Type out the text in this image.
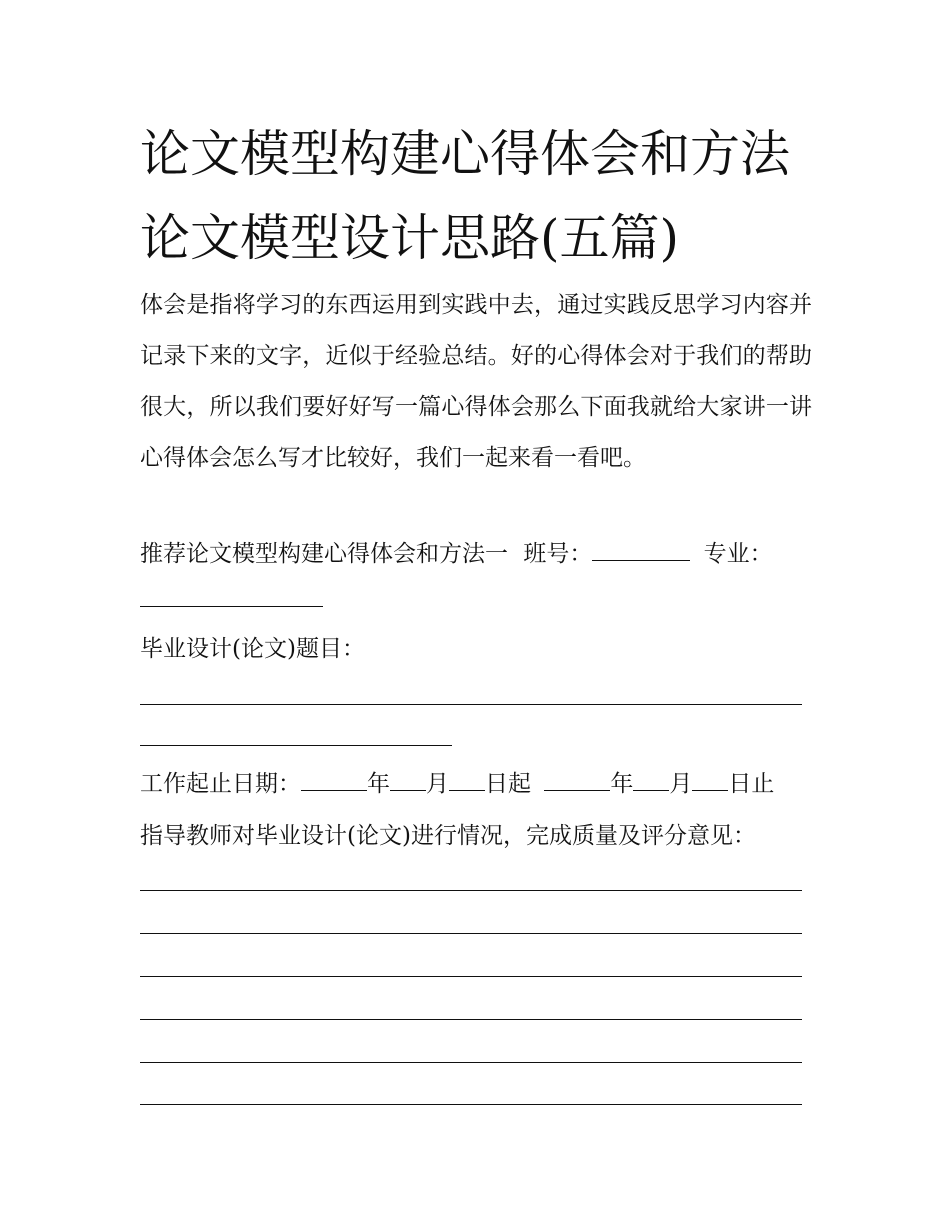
论文模型构建心得体会和方法
论文模型设计思路(五篇)

体会是指将学习的东西运用到实践中去，通过实践反思学习内容并记录下来的文字，近似于经验总结。好的心得体会对于我们的帮助很大，所以我们要好好写一篇心得体会那么下面我就给大家讲一讲心得体会怎么写才比较好，我们一起来看一看吧。

推荐论文模型构建心得体会和方法一 班号：	专业：
毕业设计(论文)题目：
工作起止日期：	年 月 日起	年 月 日止
指导教师对毕业设计(论文)进行情况，完成质量及评分意见：
